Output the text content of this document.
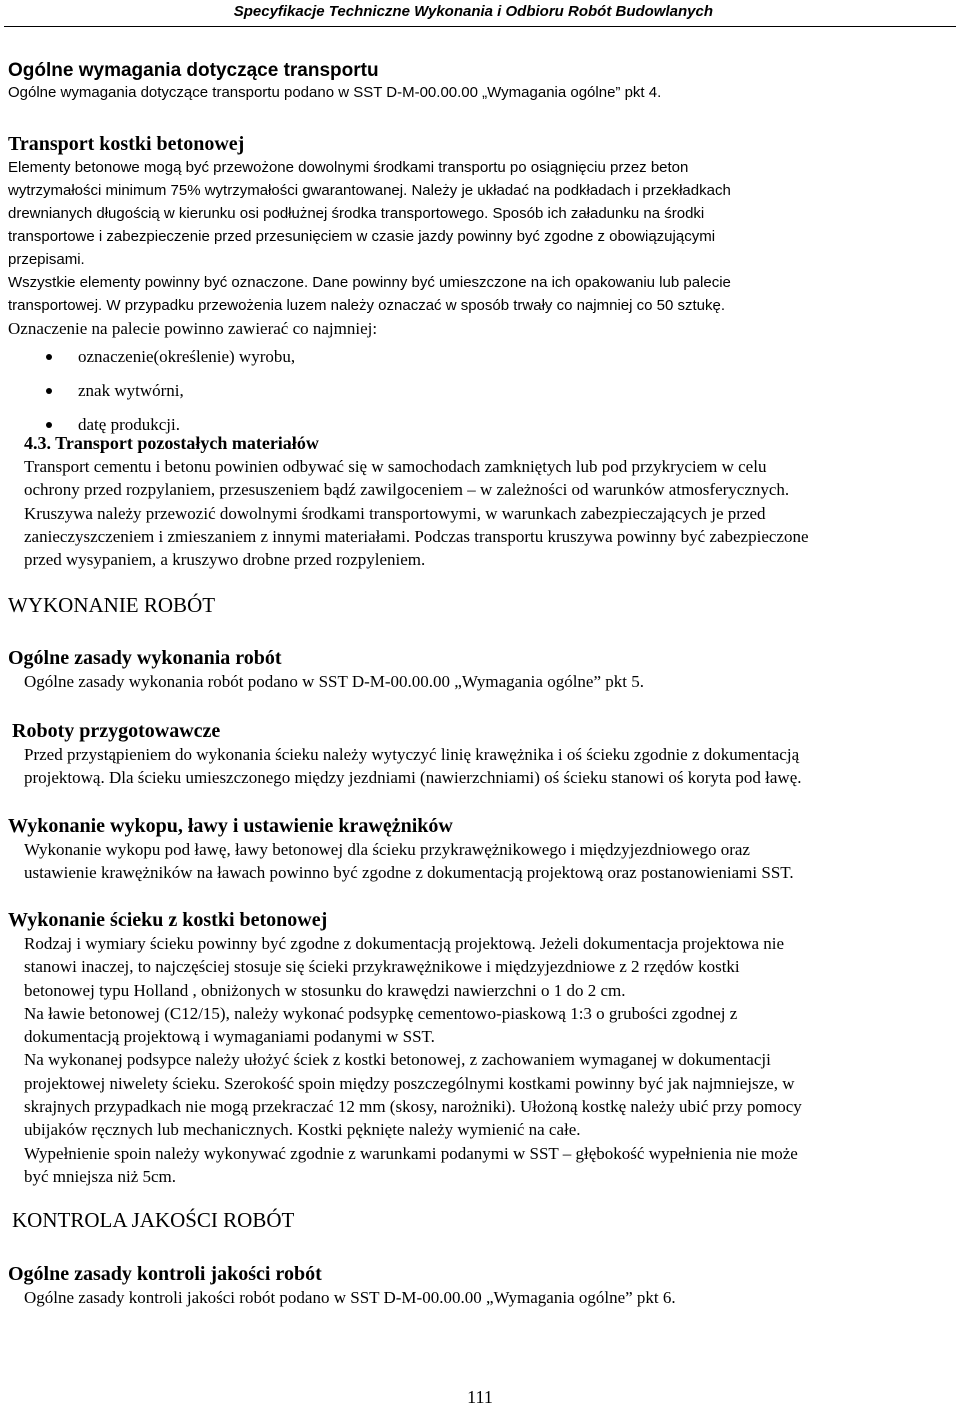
Specyfikacje Techniczne Wykonania i Odbioru Robót Budowlanych
Ogólne wymagania dotyczące transportu
Ogólne wymagania dotyczące transportu podano w SST D-M-00.00.00 „Wymagania ogólne” pkt 4.
Transport kostki betonowej
Elementy betonowe mogą być przewożone dowolnymi środkami transportu po osiągnięciu przez beton
wytrzymałości minimum 75% wytrzymałości gwarantowanej. Należy je układać na podkładach i przekładkach
drewnianych długością w kierunku osi podłużnej środka transportowego. Sposób ich załadunku na środki
transportowe i zabezpieczenie przed przesunięciem w czasie jazdy powinny być zgodne z obowiązującymi
przepisami.
Wszystkie elementy powinny być oznaczone. Dane powinny być umieszczone na ich opakowaniu lub palecie
transportowej. W przypadku przewożenia luzem należy oznaczać w sposób trwały co najmniej co 50 sztukę.
Oznaczenie na palecie powinno zawierać co najmniej:
oznaczenie(określenie) wyrobu,
znak wytwórni,
datę produkcji.
4.3. Transport pozostałych materiałów
Transport cementu i betonu powinien odbywać się w samochodach zamkniętych lub pod przykryciem w celu
ochrony przed rozpylaniem, przesuszeniem bądź zawilgoceniem – w zależności od warunków atmosferycznych.
Kruszywa należy przewozić dowolnymi środkami transportowymi, w warunkach zabezpieczających je przed
zanieczyszczeniem i zmieszaniem z innymi materiałami. Podczas transportu kruszywa powinny być zabezpieczone
przed wysypaniem, a kruszywo drobne przed rozpyleniem.
WYKONANIE ROBÓT
Ogólne zasady wykonania robót
Ogólne zasady wykonania robót podano w SST D-M-00.00.00 „Wymagania ogólne” pkt 5.
Roboty przygotowawcze
Przed przystąpieniem do wykonania ścieku należy wytyczyć linię krawężnika i oś ścieku zgodnie z dokumentacją
projektową. Dla ścieku umieszczonego między jezdniami (nawierzchniami) oś ścieku stanowi oś koryta pod ławę.
Wykonanie wykopu, ławy i ustawienie krawężników
Wykonanie wykopu pod ławę, ławy betonowej dla ścieku przykrawężnikowego i międzyjezdniowego oraz
ustawienie krawężników na ławach powinno być zgodne z dokumentacją projektową oraz postanowieniami SST.
Wykonanie ścieku z kostki betonowej
Rodzaj i wymiary ścieku powinny być zgodne z dokumentacją projektową. Jeżeli dokumentacja projektowa nie
stanowi inaczej, to najczęściej stosuje się ścieki przykrawężnikowe i międzyjezdniowe z 2 rzędów kostki
betonowej typu Holland , obniżonych w stosunku do krawędzi nawierzchni o 1 do 2 cm.
Na ławie betonowej (C12/15), należy wykonać podsypkę cementowo-piaskową 1:3 o grubości zgodnej z
dokumentacją projektową i wymaganiami podanymi w SST.
Na wykonanej podsypce należy ułożyć ściek z kostki betonowej, z zachowaniem wymaganej w dokumentacji
projektowej niwelety ścieku. Szerokość spoin między poszczególnymi kostkami powinny być jak najmniejsze, w
skrajnych przypadkach nie mogą przekraczać 12 mm (skosy, narożniki). Ułożoną kostkę należy ubić przy pomocy
ubijaków ręcznych lub mechanicznych. Kostki pęknięte należy wymienić na całe.
Wypełnienie spoin należy wykonywać zgodnie z warunkami podanymi w SST – głębokość wypełnienia nie może
być mniejsza niż 5cm.
KONTROLA JAKOŚCI ROBÓT
Ogólne zasady kontroli jakości robót
Ogólne zasady kontroli jakości robót podano w SST D-M-00.00.00 „Wymagania ogólne” pkt 6.
111
